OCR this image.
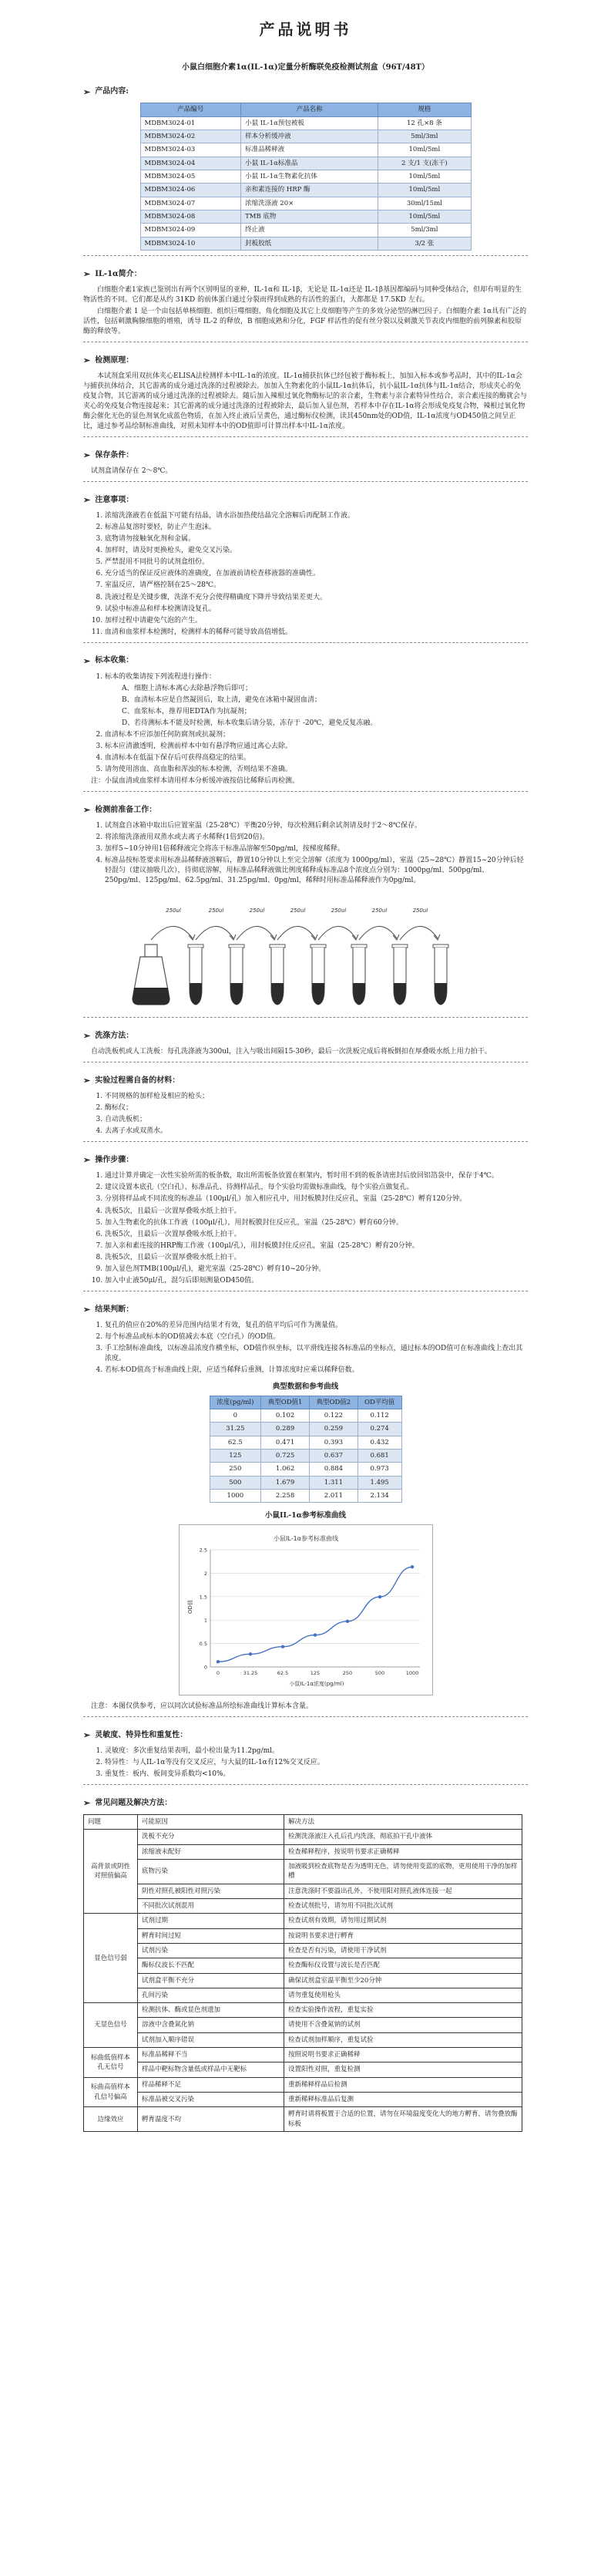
产品说明书
小鼠白细胞介素1α(IL-1α)定量分析酶联免疫检测试剂盒（96T/48T）
➢ 产品内容:
产品编号	产品名称	规格
MDBM3024-01	小鼠 IL-1α预包被板	12 孔×8 条
MDBM3024-02	样本分析缓冲液	5ml/3ml
MDBM3024-03	标准品稀释液	10ml/5ml
MDBM3024-04	小鼠 IL-1α标准品	2 支/1 支(冻干)
MDBM3024-05	小鼠 IL-1α生物素化抗体	10ml/5ml
MDBM3024-06	亲和素连接的 HRP 酶	10ml/5ml
MDBM3024-07	浓缩洗涤液 20×	30ml/15ml
MDBM3024-08	TMB 底物	10ml/5ml
MDBM3024-09	终止液	5ml/3ml
MDBM3024-10	封板胶纸	3/2 张
➢ IL-1α简介：

白细胞介素1家族已鉴别出有两个区别明显的亚种，IL-1α和 IL-1β，无论是 IL-1α还是 IL-1β基因都编码与同种受体结合，但却有明显的生物活性的不同。它们都是从约 31KD 的前体蛋白通过分裂而得到成熟的有活性的蛋白，大都都是 17.5KD 左右。

白细胞介素 1 是一个由包括单核细胞、组织巨噬细胞、角化细胞及其它上皮细胞等产生的多效分泌型的淋巴因子。白细胞介素 1α具有广泛的活性，包括刺激胸腺细胞的增殖，诱导 IL-2 的释放，B 细胞成熟和分化，FGF 样活性的促有丝分裂以及刺激关节表皮内细胞的前列腺素和胶原酶的释放等。

➢ 检测原理：

本试剂盒采用双抗体夹心ELISA法检测样本中IL-1α的浓度。IL-1α捕获抗体已经包被于酶标板上，加加入标本或参考品时，其中的IL-1α会与捕获抗体结合，其它游离的成分通过洗涤的过程被除去。加加入生物素化的小鼠IL-1α抗体后，抗小鼠IL-1α抗体与IL-1α结合，形成夹心的免疫复合物，其它游离的成分通过洗涤的过程被除去。随后加入辣根过氧化物酶标记的亲合素，生物素与亲合素特异性结合，亲合素连接的酶就会与夹心的免疫复合物连接起来；其它游离的成分通过洗涤的过程被除去，最后加入显色剂，若样本中存在IL-1α将会形成免疫复合物，辣根过氧化物酶会催化无色的显色剂氧化成蓝色物质，在加入终止液后呈黄色，通过酶标仪检测，读其450nm处的OD值，IL-1α浓度与OD450值之间呈正比，通过参考品绘制标准曲线，对照未知样本中的OD值即可计算出样本中IL-1α浓度。

➢ 保存条件：

试剂盒请保存在 2～8℃。

➢ 注意事项：
1. 浓缩洗涤液若在低温下可能有结晶，请水浴加热使结晶完全溶解后再配制工作液。
2. 标准品复溶时要轻，防止产生泡沫。
3. 底物请勿接触氧化剂和金属。
4. 加样时，请及时更换枪头，避免交叉污染。
5. 严禁混用不同批号的试剂盒组份。
6. 充分适当的保证反应液体的准确度，在加液前请检查移液器的准确性。
7. 室温反应，请严格控制在25～28℃。
8. 洗液过程是关键步骤，洗涤不充分会使得精确度下降并导致结果差更大。
9. 试验中标准品和样本检测请设复孔。
10. 加样过程中请避免气泡的产生。
11. 血清和血浆样本检测时，检测样本的稀释可能导致高值增低。
➢ 标本收集：
1. 标本的收集请按下列流程进行操作：
A、细胞上清标本离心去除悬浮物后即可；
B、血清标本应是自然凝固后，取上清，避免在冰箱中凝固血清；
C、血浆标本，推荐用EDTA作为抗凝剂；
D、若待测标本不能及时检测，标本收集后请分装，冻存于 -20℃，避免反复冻融。
2. 血清标本不应添加任何防腐剂或抗凝剂；
3. 标本应清澈透明，检测前样本中如有悬浮物应通过离心去除。
4. 血清标本在低温下保存后可获得高稳定的结果。
5. 请勿使用溶血、高血脂和浑浊的标本检测，否则结果不准确。

注：小鼠血清或血浆样本请用样本分析缓冲液按倍比稀释后再检测。

➢ 检测前准备工作：
1. 试剂盒自冰箱中取出后应置室温（25-28℃）平衡20分钟，每次检测后剩余试剂请及时于2～8℃保存。
2. 将浓缩洗涤液用双蒸水或去离子水稀释(1倍到20倍)。
3. 加样5~10分钟用1倍稀释液完全将冻干标准品溶解至50pg/ml，按梯度稀释。
4. 标准品按标签要求用标准品稀释液溶解后，静置10分钟以上至完全溶解（浓度为 1000pg/ml），室温（25~28℃）静置15~20分钟后轻轻混匀（建议抽吸几次），待彻底溶解，用标准品稀释液做比例度稀释成标准品8个浓度点分别为：1000pg/ml、500pg/ml、250pg/ml、125pg/ml、62.5pg/ml、31.25pg/ml、0pg/ml，稀释时用标准品稀释液作为0pg/ml。
250ul	250ul	250ul	250ul	250ul	250ul	250ul
➢ 洗涤方法：

自动洗板机或人工洗板：每孔洗涤液为300ul，注入与吸出间隔15-30秒，最后一次洗板完成后将板倒扣在厚叠吸水纸上用力拍干。

➢ 实验过程需自备的材料：
1. 不同规格的加样枪及相应的枪头；
2. 酶标仪；
3. 自动洗板机；
4. 去离子水或双蒸水。
➢ 操作步骤：
1. 通过计算并确定一次性实验所需的板条数，取出所需板条放置在框架内，暂时用不到的板条请密封后放回铝箔袋中，保存于4℃。
2. 建议设置本底孔（空白孔）、标准品孔、待测样品孔，每个实验均需做标准曲线，每个实验点做复孔。
3. 分别将样品或不同浓度的标准品（100μl/孔）加入相应孔中，用封板膜封住反应孔，室温（25-28℃）孵育120分钟。
4. 洗板5次，且最后一次置厚叠吸水纸上拍干。
5. 加入生物素化的抗体工作液（100μl/孔），用封板膜封住反应孔，室温（25-28℃）孵育60分钟。
6. 洗板5次，且最后一次置厚叠吸水纸上拍干。
7. 加入亲和素连接的HRP酶工作液（100μl/孔），用封板膜封住反应孔，室温（25-28℃）孵育20分钟。
8. 洗板5次，且最后一次置厚叠吸水纸上拍干。
9. 加入显色剂TMB(100μl/孔)，避光室温（25-28℃）孵育10~20分钟。
10. 加入中止液50μl/孔，混匀后即刻测量OD450值。
➢ 结果判断：
1. 复孔的值应在20%的差异范围内结果才有效，复孔的值平均后可作为测量值。
2. 每个标准品或标本的OD值减去本底（空白孔）的OD值。
3. 手工绘制标准曲线，以标准品浓度作横坐标，OD值作纵坐标，以平滑线连接各标准品的坐标点，通过标本的OD值可在标准曲线上查出其浓度。
4. 若标本OD值高于标准曲线上限，应适当稀释后重测，计算浓度时应乘以稀释倍数。
典型数据和参考曲线
浓度(pg/ml)	典型OD值1	典型OD值2	OD平均值
0	0.102	0.122	0.112
31.25	0.289	0.259	0.274
62.5	0.471	0.393	0.432
125	0.725	0.637	0.681
250	1.062	0.884	0.973
500	1.679	1.311	1.495
1000	2.258	2.011	2.134
小鼠IL-1α参考标准曲线
小鼠IL-1α参考标准曲线
OD值
小鼠IL-1α浓度(pg/ml)
0
0.5
1
1.5
2
2.5
0	31.25	62.5	125	250	500	1000

注意：本图仅供参考，应以同次试验标准品所绘标准曲线计算标本含量。

➢ 灵敏度、特异性和重复性：
1. 灵敏度：多次重复结果表明，最小检出量为11.2pg/ml。
2. 特异性：与人IL-1α等没有交叉反应，与大鼠的IL-1α有12%交叉反应。
3. 重复性：板内、板间变异系数均<10%。
➢ 常见问题及解决方法：
问题	可能原因	解决方法
高背景或阴性对照值偏高	洗板不充分	检测洗涤液注入孔后孔内洗涤，彻底拍干孔中液体
	浓缩液未配好	检查稀释程序，按说明书要求正确稀释
	底物污染	加液吸到检查底物是否为透明无色，请勿使用变蓝的底物，更用使用干净的加样槽
	阴性对照孔被阳性对照污染	注意洗涤时不要溢出孔外，不使用阳对照孔液体连接一起
	不同批次试剂混用	检查试剂批号，请勿用不同批次试剂
显色信号弱	试剂过期	检查试剂有效期，请勿用过期试剂
	孵育时间过短	按说明书要求进行孵育
	试剂污染	检查是否有污染，请使用干净试剂
	酶标仪波长不匹配	检查酶标仪设置与波长是否匹配
	试剂盒平衡不充分	确保试剂盒室温平衡至少20分钟
	孔间污染	请勿重复使用枪头
无显色信号	检测抗体、酶或显色剂遗加	检查实验操作流程，重复实验
	溶液中含叠氮化钠	请使用不含叠氮钠的试剂
	试剂加入顺序错误	检查试剂加样顺序，重复试验
标曲低值样本孔无信号	标准品稀释不当	按照说明书要求正确稀释
	样品中靶标物含量低或样品中无靶标	设置阳性对照，重复检测
标曲高值样本孔信号偏高	样品稀释不足	重新稀释样品后检测
	标准品被交叉污染	重新稀释标准品后复测
边缘效应	孵育温度不均	孵育时请将板置于合适的位置，请勿在环境温度变化大的地方孵育，请勿叠放酶标板
